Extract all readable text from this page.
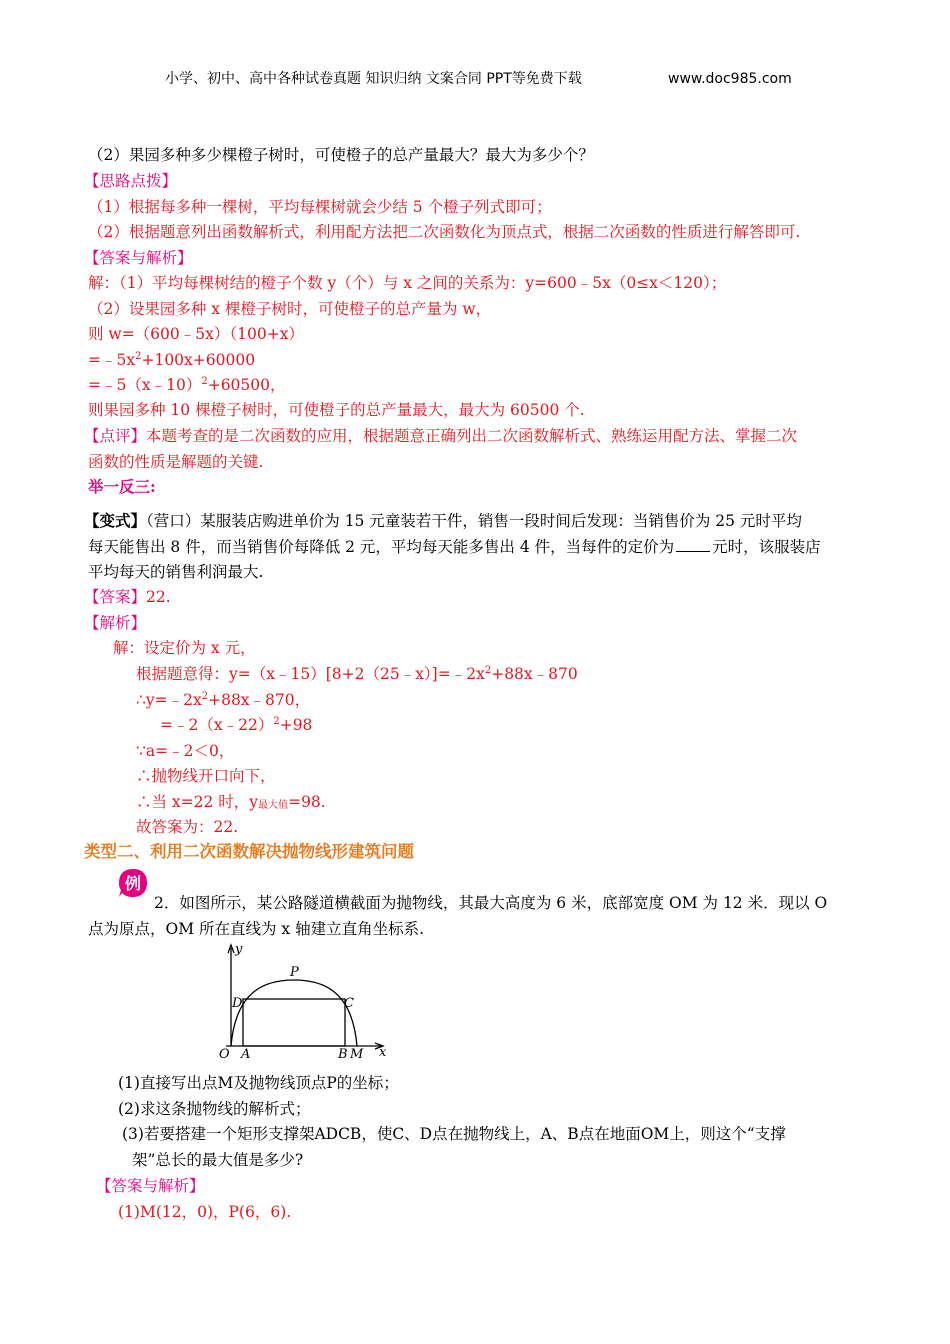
小学、初中、高中各种试卷真题 知识归纳 文案合同 PPT等免费下载	www.doc985.com
（2）果园多种多少棵橙子树时，可使橙子的总产量最大？最大为多少个？
【思路点拨】
（1）根据每多种一棵树，平均每棵树就会少结 5 个橙子列式即可；
（2）根据题意列出函数解析式，利用配方法把二次函数化为顶点式，根据二次函数的性质进行解答即可.
【答案与解析】
解：（1）平均每棵树结的橙子个数 y（个）与 x 之间的关系为：y=600﹣5x（0≤x＜120）；
（2）设果园多种 x 棵橙子树时，可使橙子的总产量为 w，
则 w=（600﹣5x）（100+x）
$=﹣5x^2+100x+60000$
=﹣5（x﹣10）$^2$+60500，
则果园多种 10 棵橙子树时，可使橙子的总产量最大，最大为 60500 个.
【点评】本题考查的是二次函数的应用，根据题意正确列出二次函数解析式、熟练运用配方法、掌握二次
函数的性质是解题的关键.
举一反三:
【变式】（营口）某服装店购进单价为 15 元童装若干件，销售一段时间后发现：当销售价为 25 元时平均
每天能售出 8 件，而当销售价每降低 2 元，平均每天能多售出 4 件，当每件的定价为 元时，该服装店
平均每天的销售利润最大.
【答案】22.
【解析】
解：设定价为 x 元，
根据题意得：$y=(x﹣15)[8+2(25﹣x)]=﹣2x^2+88x﹣870$
$\therefore y=﹣2x^2+88x﹣870$，
=﹣2（x﹣22）$^2$+98
∵a=﹣2＜0，
∴抛物线开口向下，
∴当 x=22 时，$y_{最大值}=98$.
故答案为：22.
类型二、利用二次函数解决抛物线形建筑问题
例
2．如图所示，某公路隧道横截面为抛物线，其最大高度为 6 米，底部宽度 OM 为 12 米．现以 O
点为原点，OM 所在直线为 x 轴建立直角坐标系.
y
P
D	C
O A	B M x
(1)直接写出点M及抛物线顶点P的坐标；
(2)求这条抛物线的解析式；
(3)若要搭建一个矩形支撑架ADCB，使C、D点在抛物线上，A、B点在地面OM上，则这个“支撑
架”总长的最大值是多少?
【答案与解析】
(1)M(12，0)，P(6，6).
